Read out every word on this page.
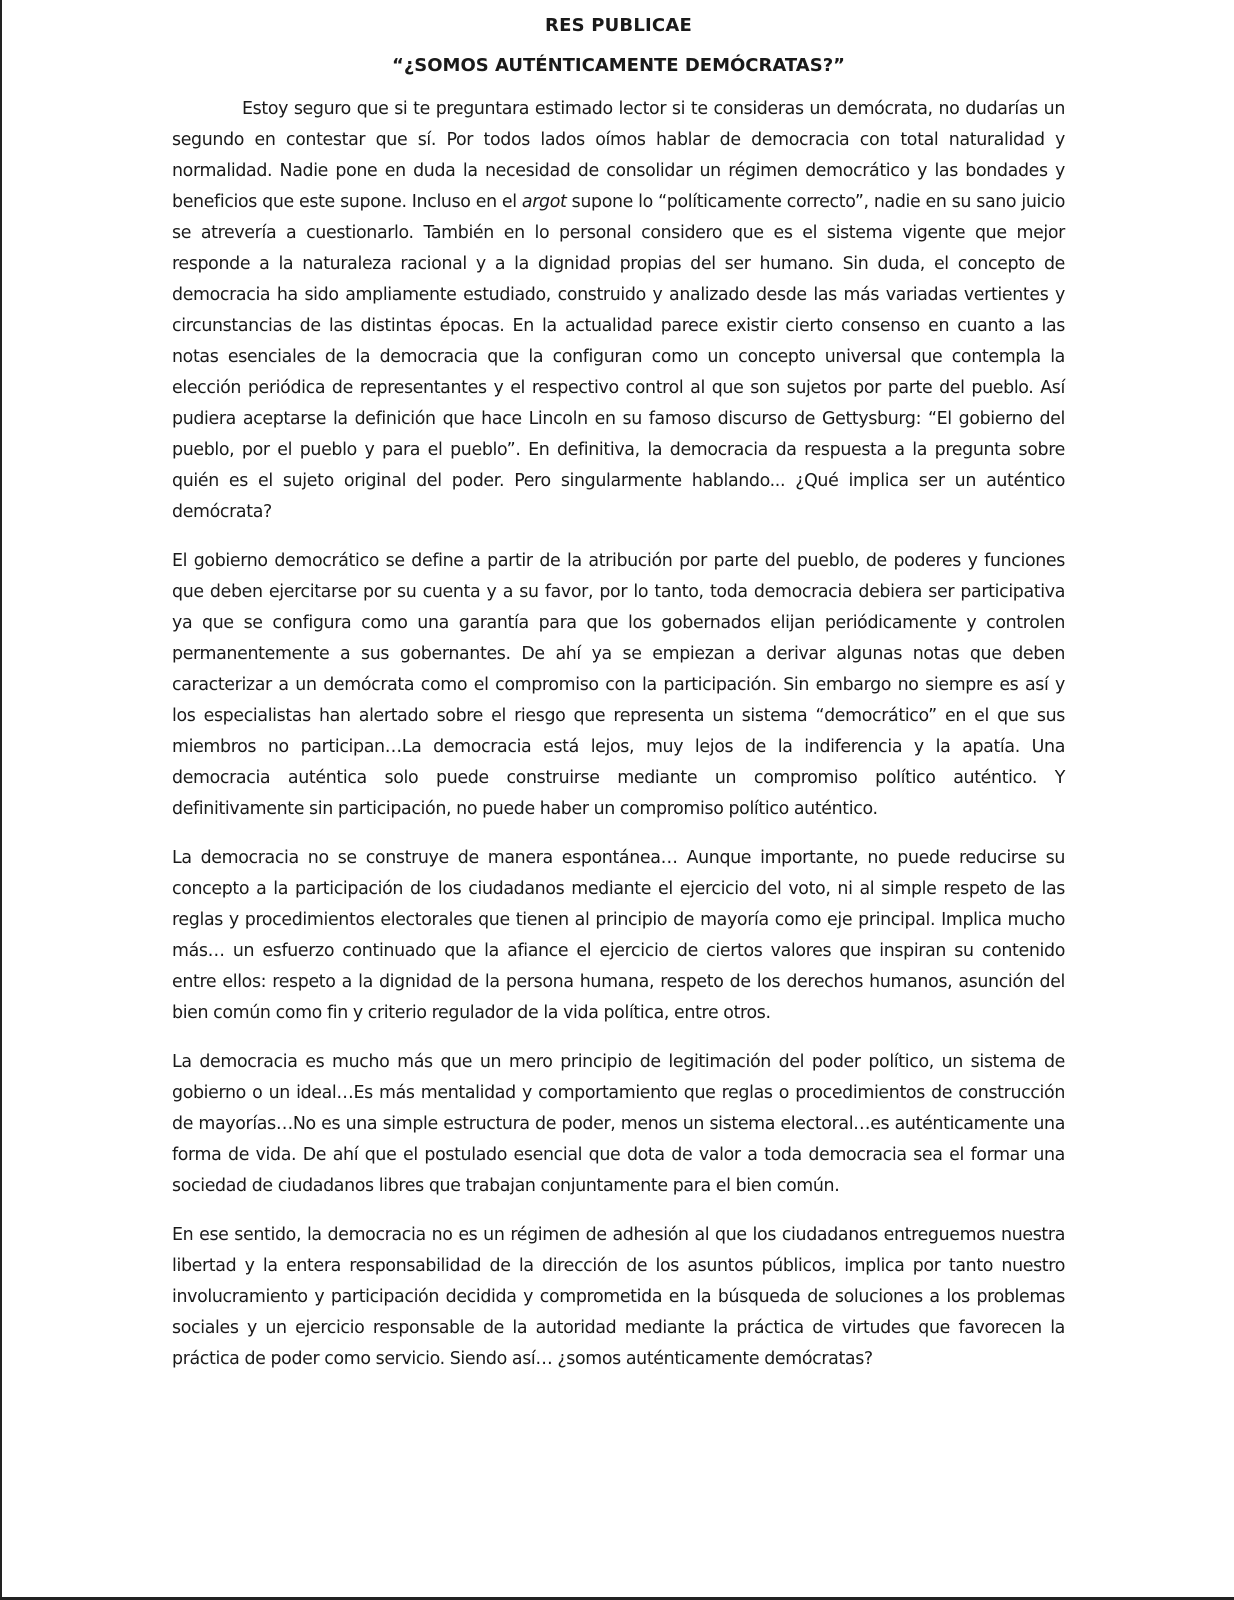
RES PUBLICAE
“¿SOMOS AUTÉNTICAMENTE DEMÓCRATAS?”

Estoy seguro que si te preguntara estimado lector si te consideras un demócrata, no dudarías un segundo en contestar que sí. Por todos lados oímos hablar de democracia con total naturalidad y normalidad. Nadie pone en duda la necesidad de consolidar un régimen democrático y las bondades y beneficios que este supone. Incluso en el argot supone lo “políticamente correcto”, nadie en su sano juicio se atrevería a cuestionarlo. También en lo personal considero que es el sistema vigente que mejor responde a la naturaleza racional y a la dignidad propias del ser humano. Sin duda, el concepto de democracia ha sido ampliamente estudiado, construido y analizado desde las más variadas vertientes y circunstancias de las distintas épocas. En la actualidad parece existir cierto consenso en cuanto a las notas esenciales de la democracia que la configuran como un concepto universal que contempla la elección periódica de representantes y el respectivo control al que son sujetos por parte del pueblo. Así pudiera aceptarse la definición que hace Lincoln en su famoso discurso de Gettysburg: “El gobierno del pueblo, por el pueblo y para el pueblo”. En definitiva, la democracia da respuesta a la pregunta sobre quién es el sujeto original del poder. Pero singularmente hablando... ¿Qué implica ser un auténtico demócrata?

El gobierno democrático se define a partir de la atribución por parte del pueblo, de poderes y funciones que deben ejercitarse por su cuenta y a su favor, por lo tanto, toda democracia debiera ser participativa ya que se configura como una garantía para que los gobernados elijan periódicamente y controlen permanentemente a sus gobernantes. De ahí ya se empiezan a derivar algunas notas que deben caracterizar a un demócrata como el compromiso con la participación. Sin embargo no siempre es así y los especialistas han alertado sobre el riesgo que representa un sistema “democrático” en el que sus miembros no participan…La democracia está lejos, muy lejos de la indiferencia y la apatía. Una democracia auténtica solo puede construirse mediante un compromiso político auténtico. Y definitivamente sin participación, no puede haber un compromiso político auténtico.

La democracia no se construye de manera espontánea… Aunque importante, no puede reducirse su concepto a la participación de los ciudadanos mediante el ejercicio del voto, ni al simple respeto de las reglas y procedimientos electorales que tienen al principio de mayoría como eje principal. Implica mucho más… un esfuerzo continuado que la afiance el ejercicio de ciertos valores que inspiran su contenido entre ellos: respeto a la dignidad de la persona humana, respeto de los derechos humanos, asunción del bien común como fin y criterio regulador de la vida política, entre otros.

La democracia es mucho más que un mero principio de legitimación del poder político, un sistema de gobierno o un ideal…Es más mentalidad y comportamiento que reglas o procedimientos de construcción de mayorías…No es una simple estructura de poder, menos un sistema electoral…es auténticamente una forma de vida. De ahí que el postulado esencial que dota de valor a toda democracia sea el formar una sociedad de ciudadanos libres que trabajan conjuntamente para el bien común.

En ese sentido, la democracia no es un régimen de adhesión al que los ciudadanos entreguemos nuestra libertad y la entera responsabilidad de la dirección de los asuntos públicos, implica por tanto nuestro involucramiento y participación decidida y comprometida en la búsqueda de soluciones a los problemas sociales y un ejercicio responsable de la autoridad mediante la práctica de virtudes que favorecen la práctica de poder como servicio. Siendo así… ¿somos auténticamente demócratas?
